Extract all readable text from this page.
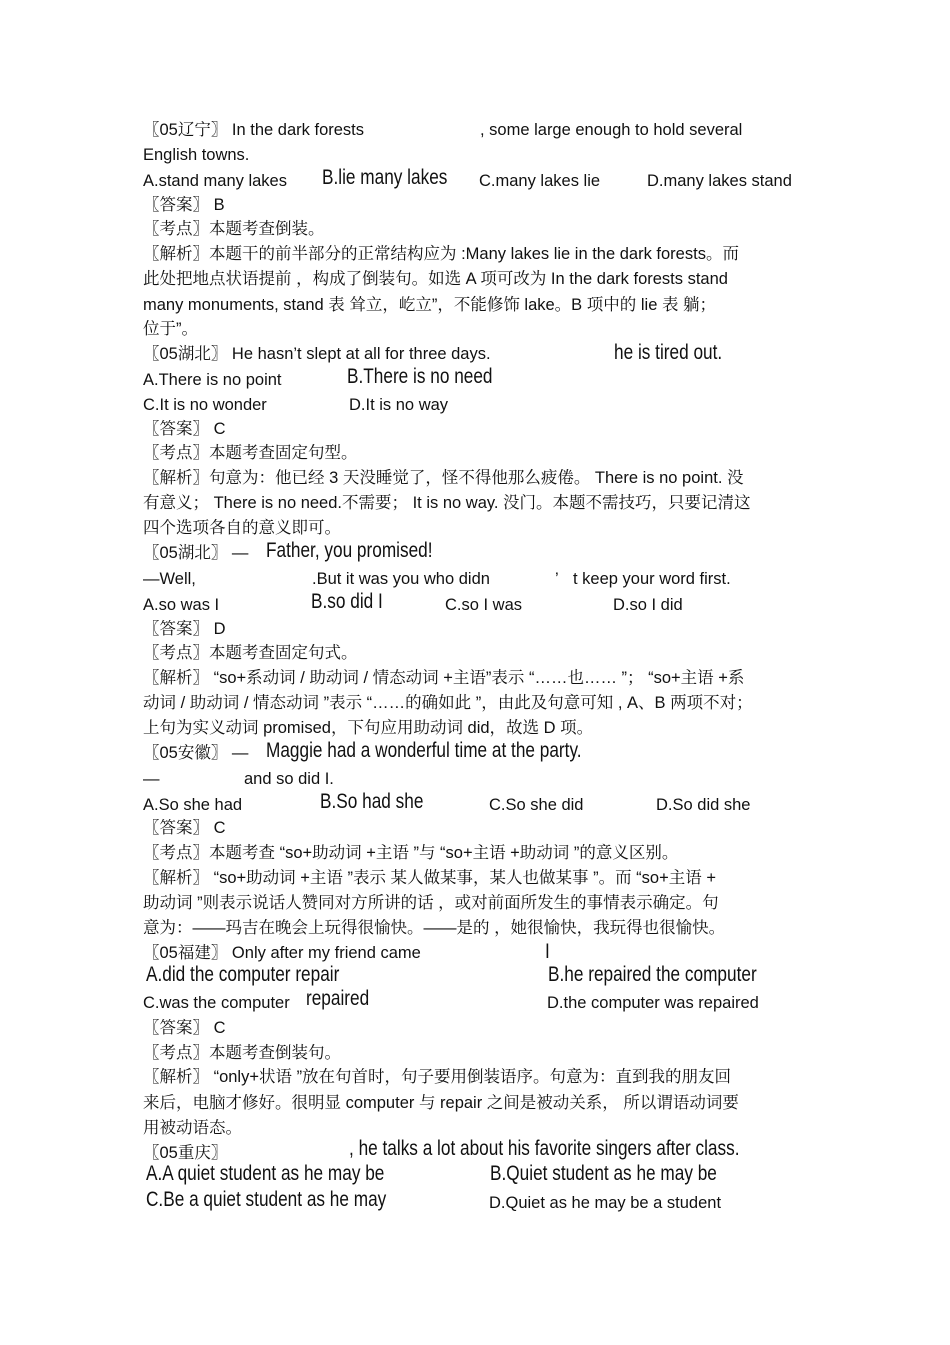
〖05辽宁〗 In the dark forests	, some large enough to hold several
English towns.
A.stand many lakes B.lie many lakes C.many lakes lie	D.many lakes stand
〖答案〗 B
〖考点〗本题考查倒装。
〖解析〗本题干的前半部分的正常结构应为 :Many lakes lie in the dark forests。而
此处把地点状语提前 ，构成了倒装句。如选 A 项可改为 In the dark forests stand
many monuments, stand 表 耸立，屹立”，不能修饰 lake。B 项中的 lie 表 躺；
位于”。
〖05湖北〗 He hasn’t slept at all for three days.	he is tired out.
A.There is no point	B.There is no need
C.It is no wonder	D.It is no way
〖答案〗 C
〖考点〗本题考查固定句型。
〖解析〗句意为：他已经 3 天没睡觉了，怪不得他那么疲倦。 There is no point. 没
有意义； There is no need.不需要； It is no way. 没门。本题不需技巧，只要记清这
四个选项各自的意义即可。
〖05湖北〗 — Father, you promised!
—Well,	.But it was you who didn	’ t keep your word first.
A.so was I	B.so did I	C.so I was	D.so I did
〖答案〗 D
〖考点〗本题考查固定句式。
〖解析〗 “so+系动词 / 助动词 / 情态动词 +主语”表示 “……也…… ”； “so+主语 +系
动词 / 助动词 / 情态动词 ”表示 “……的确如此 ”，由此及句意可知 , A、B 两项不对；
上句为实义动词 promised，下句应用助动词 did，故选 D 项。
〖05安徽〗 — Maggie had a wonderful time at the party.
—	and so did I.
A.So she had	B.So had she	C.So she did	D.So did she
〖答案〗 C
〖考点〗本题考查 “so+助动词 +主语 ”与 “so+主语 +助动词 ”的意义区别。
〖解析〗 “so+助动词 +主语 ”表示 某人做某事，某人也做某事 ”。而 “so+主语 +
助动词 ”则表示说话人赞同对方所讲的话 ，或对前面所发生的事情表示确定。句
意为：——玛吉在晚会上玩得很愉快。——是的 ，她很愉快，我玩得也很愉快。
〖05福建〗 Only after my friend came	I
A.did the computer repair	B.he repaired the computer
C.was the computer repaired	D.the computer was repaired
〖答案〗 C
〖考点〗本题考查倒装句。
〖解析〗 “only+状语 ”放在句首时，句子要用倒装语序。句意为：直到我的朋友回
来后，电脑才修好。很明显 computer 与 repair 之间是被动关系， 所以谓语动词要
用被动语态。
〖05重庆〗	, he talks a lot about his favorite singers after class.
A.A quiet student as he may be	B.Quiet student as he may be
C.Be a quiet student as he may	D.Quiet as he may be a student
